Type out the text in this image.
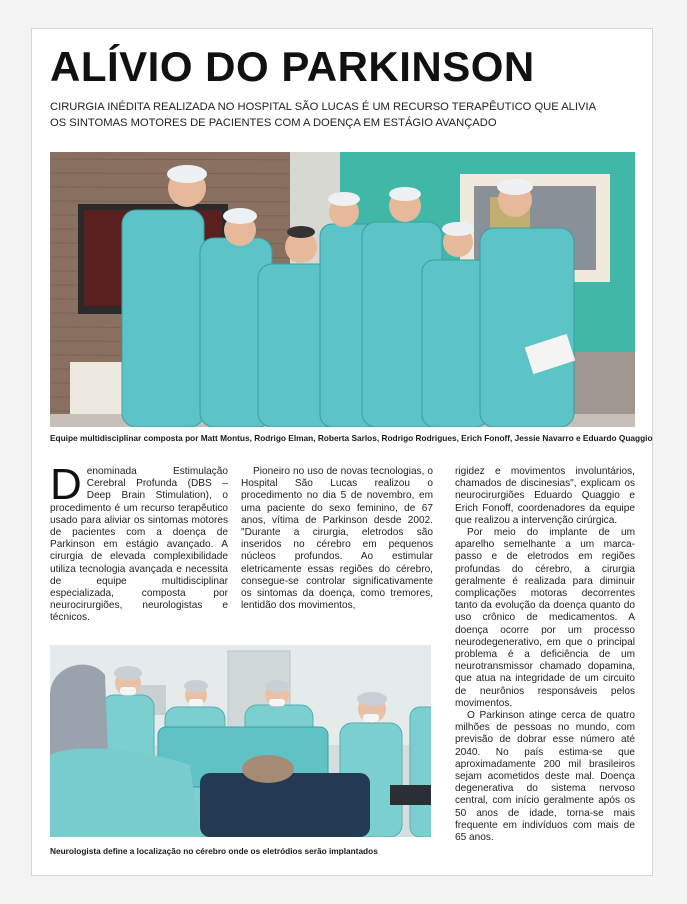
ALÍVIO DO PARKINSON
CIRURGIA INÉDITA REALIZADA NO HOSPITAL SÃO LUCAS É UM RECURSO TERAPÊUTICO QUE ALIVIA OS SINTOMAS MOTORES DE PACIENTES COM A DOENÇA EM ESTÁGIO AVANÇADO
Equipe multidisciplinar composta por Matt Montus, Rodrigo Elman, Roberta Sarlos, Rodrigo Rodrigues, Erich Fonoff, Jessie Navarro e Eduardo Quaggio

Denominada Estimulação Cerebral Profunda (DBS – Deep Brain Stimulation), o procedimento é um recurso terapêutico usado para aliviar os sintomas motores de pacientes com a doença de Parkinson em estágio avançado. A cirurgia de elevada complexibilidade utiliza tecnologia avançada e necessita de equipe multidisciplinar especializada, composta por neurocirurgiões, neurologistas e técnicos.

Pioneiro no uso de novas tecnologias, o Hospital São Lucas realizou o procedimento no dia 5 de novembro, em uma paciente do sexo feminino, de 67 anos, vítima de Parkinson desde 2002. "Durante a cirurgia, eletrodos são inseridos no cérebro em pequenos núcleos profundos. Ao estimular eletricamente essas regiões do cérebro, consegue-se controlar significativamente os sintomas da doença, como tremores, lentidão dos movimentos,

rigidez e movimentos involuntários, chamados de discinesias", explicam os neurocirurgiões Eduardo Quaggio e Erich Fonoff, coordenadores da equipe que realizou a intervenção cirúrgica.

Por meio do implante de um aparelho semelhante a um marca-passo e de eletrodos em regiões profundas do cérebro, a cirurgia geralmente é realizada para diminuir complicações motoras decorrentes tanto da evolução da doença quanto do uso crônico de medicamentos. A doença ocorre por um processo neurodegenerativo, em que o principal problema é a deficiência de um neurotransmissor chamado dopamina, que atua na integridade de um circuito de neurônios responsáveis pelos movimentos.

O Parkinson atinge cerca de quatro milhões de pessoas no mundo, com previsão de dobrar esse número até 2040. No país estima-se que aproximadamente 200 mil brasileiros sejam acometidos deste mal. Doença degenerativa do sistema nervoso central, com início geralmente após os 50 anos de idade, torna-se mais frequente em indivíduos com mais de 65 anos.

Neurologista define a localização no cérebro onde os eletródios serão implantados
